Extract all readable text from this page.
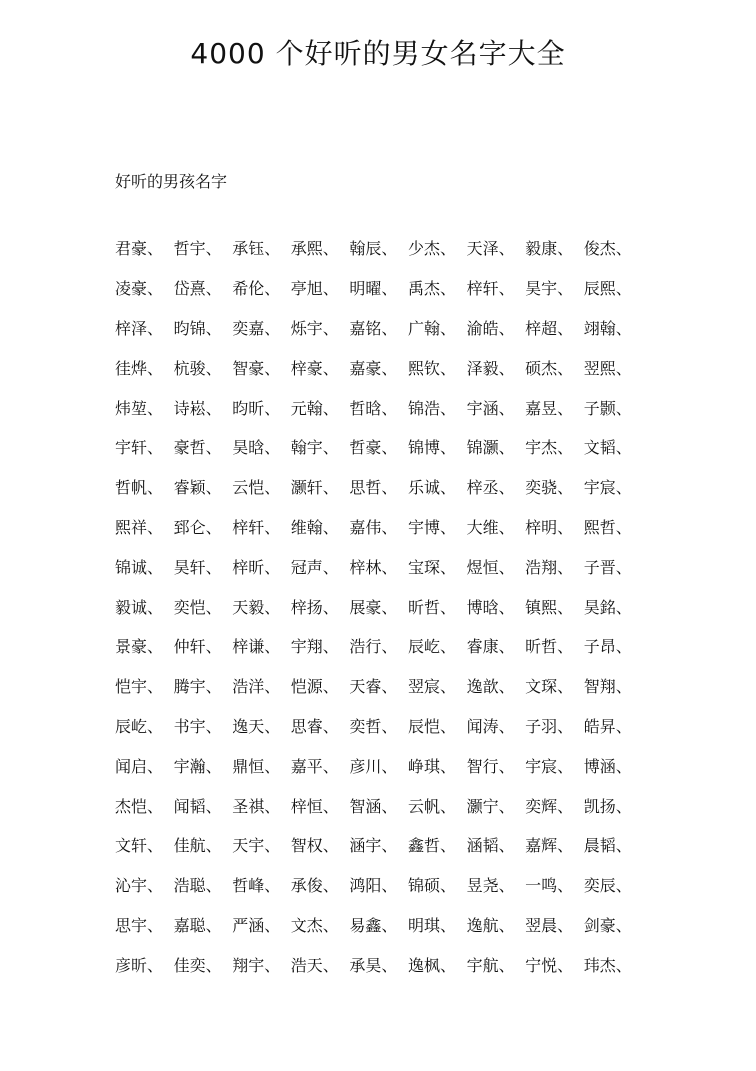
4000 个好听的男女名字大全
好听的男孩名字
君豪、 哲宇、 承钰、 承熙、 翰辰、 少杰、 天泽、 毅康、 俊杰、
凌豪、 岱熹、 希伦、 亭旭、 明曜、 禹杰、 梓轩、 昊宇、 辰熙、
梓泽、 昀锦、 奕嘉、 烁宇、 嘉铭、 广翰、 渝皓、 梓超、 翊翰、
徍烨、 杭骏、 智豪、 梓豪、 嘉豪、 熙钦、 泽毅、 硕杰、 翌熙、
炜堃、 诗崧、 昀昕、 元翰、 哲晗、 锦浩、 宇涵、 嘉昱、 子颢、
宇轩、 豪哲、 昊晗、 翰宇、 哲豪、 锦博、 锦灏、 宇杰、 文韬、
哲帆、 睿颖、 云恺、 灏轩、 思哲、 乐诚、 梓丞、 奕骁、 宇宸、
熙祥、 郅仑、 梓轩、 维翰、 嘉伟、 宇博、 大维、 梓明、 熙哲、
锦诚、 昊轩、 梓昕、 冠声、 梓林、 宝琛、 煜恒、 浩翔、 子晋、
毅诚、 奕恺、 天毅、 梓扬、 展豪、 昕哲、 博晗、 镇熙、 昊銘、
景豪、 仲轩、 梓谦、 宇翔、 浩行、 辰屹、 睿康、 昕哲、 子昂、
恺宇、 腾宇、 浩洋、 恺源、 天睿、 翌宸、 逸歆、 文琛、 智翔、
辰屹、 书宇、 逸天、 思睿、 奕哲、 辰恺、 闻涛、 子羽、 皓昇、
闻启、 宇瀚、 鼎恒、 嘉平、 彦川、 峥琪、 智行、 宇宸、 博涵、
杰恺、 闻韬、 圣祺、 梓恒、 智涵、 云帆、 灏宁、 奕辉、 凯扬、
文轩、 佳航、 天宇、 智权、 涵宇、 鑫哲、 涵韬、 嘉辉、 晨韬、
沁宇、 浩聪、 哲峰、 承俊、 鸿阳、 锦硕、 昱尧、 一鸣、 奕辰、
思宇、 嘉聪、 严涵、 文杰、 易鑫、 明琪、 逸航、 翌晨、 剑豪、
彦昕、 佳奕、 翔宇、 浩天、 承昊、 逸枫、 宇航、 宁悦、 玮杰、
